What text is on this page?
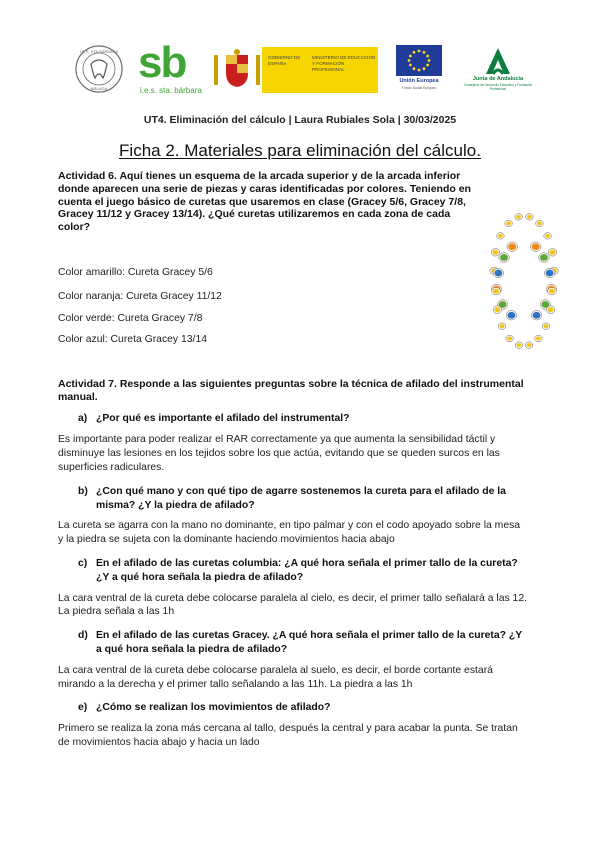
I.E.S. STA BÁRBARA
MÁLAGA
sb
i.e.s. sta. bárbara
GOBIERNO DE ESPAÑA
MINISTERIO DE EDUCACIÓN Y FORMACIÓN PROFESIONAL
Unión Europea
Fondo Social Europeo
Junta de Andalucía
Consejería de Desarrollo Educativo y Formación Profesional
UT4. Eliminación del cálculo | Laura Rubiales Sola | 30/03/2025
Ficha 2. Materiales para eliminación del cálculo.
Actividad 6. Aquí tienes un esquema de la arcada superior y de la arcada inferior donde aparecen una serie de piezas y caras identificadas por colores. Teniendo en cuenta el juego básico de curetas que usaremos en clase (Gracey 5/6, Gracey 7/8, Gracey 11/12 y Gracey 13/14). ¿Qué curetas utilizaremos en cada zona de cada color?
Color amarillo: Cureta Gracey 5/6
Color naranja: Cureta Gracey 11/12
Color verde: Cureta Gracey 7/8
Color azul: Cureta Gracey 13/14
Actividad 7. Responde a las siguientes preguntas sobre la técnica de afilado del instrumental manual.
a) ¿Por qué es importante el afilado del instrumental?
Es importante para poder realizar el RAR correctamente ya que aumenta la sensibilidad táctil y disminuye las lesiones en los tejidos sobre los que actúa, evitando que se queden surcos en las superficies radiculares.
b) ¿Con qué mano y con qué tipo de agarre sostenemos la cureta para el afilado de la misma? ¿Y la piedra de afilado?
La cureta se agarra con la mano no dominante, en tipo palmar y con el codo apoyado sobre la mesa y la piedra se sujeta con la dominante haciendo movimientos hacia abajo
c) En el afilado de las curetas columbia: ¿A qué hora señala el primer tallo de la cureta? ¿Y a qué hora señala la piedra de afilado?
La cara ventral de la cureta debe colocarse paralela al cielo, es decir, el primer tallo señalará a las 12. La piedra señala a las 1h
d) En el afilado de las curetas Gracey. ¿A qué hora señala el primer tallo de la cureta? ¿Y a qué hora señala la piedra de afilado?
La cara ventral de la cureta debe colocarse paralela al suelo, es decir, el borde cortante estará mirando a la derecha y el primer tallo señalando a las 11h. La piedra a las 1h
e) ¿Cómo se realizan los movimientos de afilado?
Primero se realiza la zona más cercana al tallo, después la central y para acabar la punta. Se tratan de movimientos hacia abajo y hacia un lado
